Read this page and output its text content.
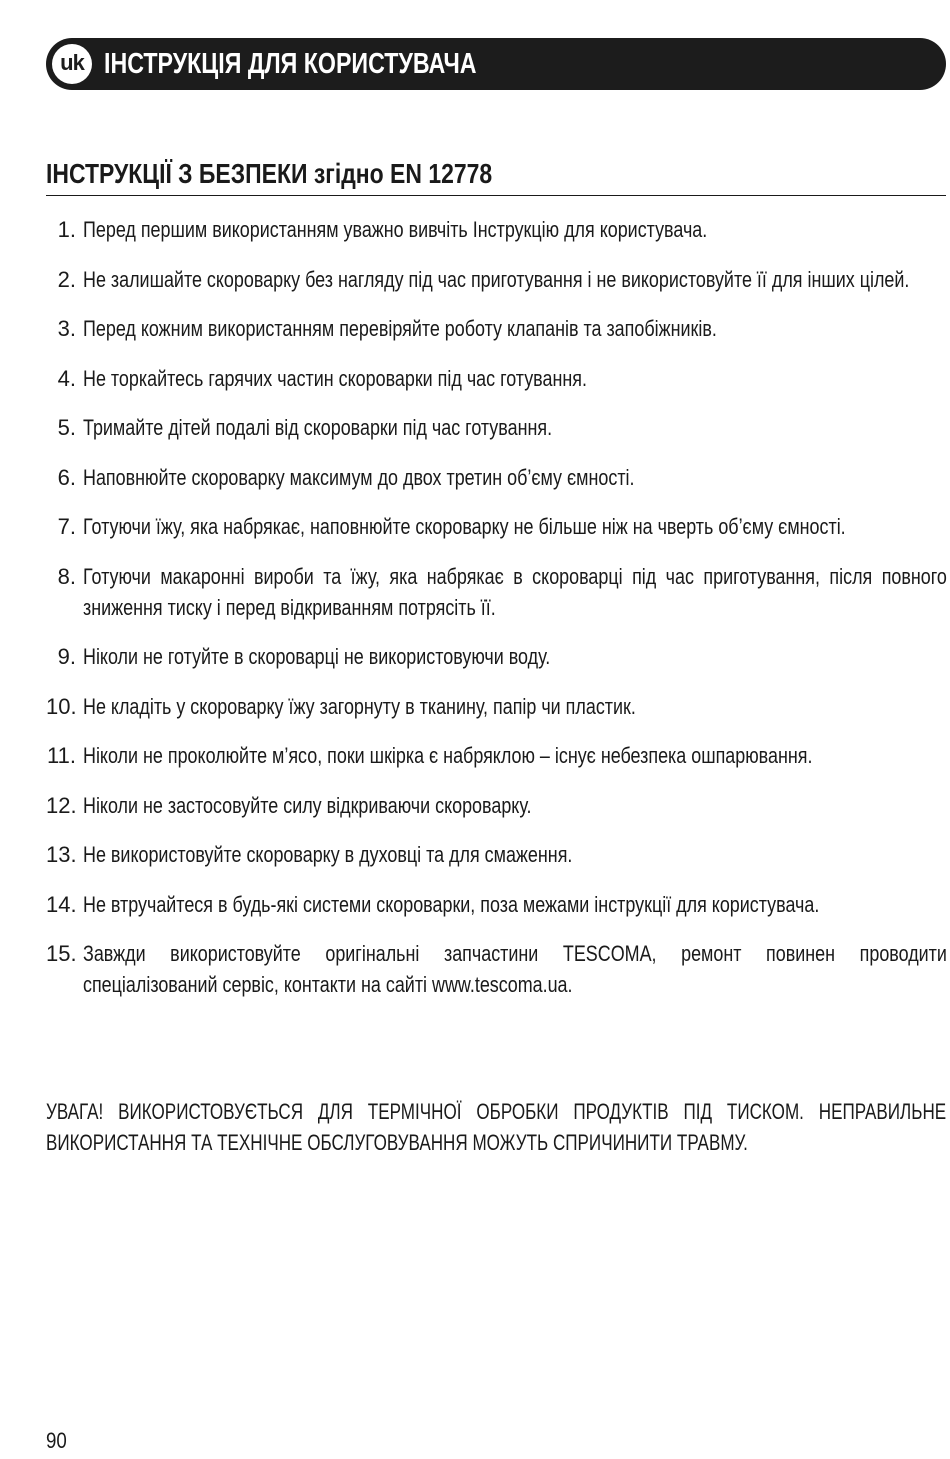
uk ІНСТРУКЦІЯ ДЛЯ КОРИСТУВАЧА
ІНСТРУКЦІЇ З БЕЗПЕКИ згідно EN 12778
1. Перед першим використанням уважно вивчіть Інструкцію для користувача.
2. Не залишайте скороварку без нагляду під час приготування і не використовуйте її для інших цілей.
3. Перед кожним використанням перевіряйте роботу клапанів та запобіжників.
4. Не торкайтесь гарячих частин скороварки під час готування.
5. Тримайте дітей подалі від скороварки під час готування.
6. Наповнюйте скороварку максимум до двох третин об’єму ємності.
7. Готуючи їжу, яка набрякає, наповнюйте скороварку не більше ніж на чверть об’єму ємності.
8. Готуючи макаронні вироби та їжу, яка набрякає в скороварці під час приготування, після повного зниження тиску і перед відкриванням потрясіть її.
9. Ніколи не готуйте в скороварці не використовуючи воду.
10. Не кладіть у скороварку їжу загорнуту в тканину, папір чи пластик.
11. Ніколи не проколюйте м’ясо, поки шкірка є набряклою – існує небезпека ошпарювання.
12. Ніколи не застосовуйте силу відкриваючи скороварку.
13. Не використовуйте скороварку в духовці та для смаження.
14. Не втручайтеся в будь-які системи скороварки, поза межами інструкції для користувача.
15. Завжди використовуйте оригінальні запчастини TESCOMA, ремонт повинен проводити спеціалізований сервіс, контакти на сайті www.tescoma.ua.
УВАГА! ВИКОРИСТОВУЄТЬСЯ ДЛЯ ТЕРМІЧНОЇ ОБРОБКИ ПРОДУКТІВ ПІД ТИСКОМ. НЕПРАВИЛЬНЕ ВИКОРИСТАННЯ ТА ТЕХНІЧНЕ ОБСЛУГОВУВАННЯ МОЖУТЬ СПРИЧИНИТИ ТРАВМУ.
90
